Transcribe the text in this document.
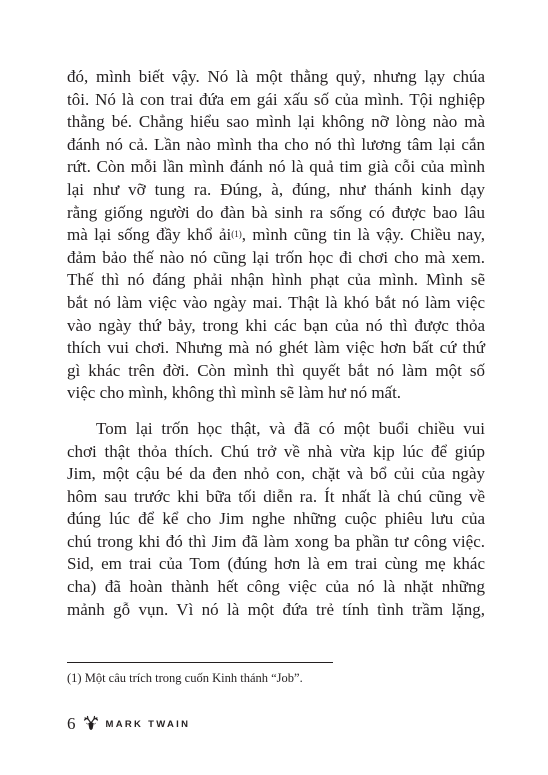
đó, mình biết vậy. Nó là một thằng quỷ, nhưng lạy chúa
tôi. Nó là con trai đứa em gái xấu số của mình. Tội nghiệp
thằng bé. Chẳng hiểu sao mình lại không nỡ lòng nào mà
đánh nó cả. Lần nào mình tha cho nó thì lương tâm lại cắn
rứt. Còn mỗi lần mình đánh nó là quả tim già cỗi của mình
lại như vỡ tung ra. Đúng, à, đúng, như thánh kinh dạy
rằng giống người do đàn bà sinh ra sống có được bao lâu
mà lại sống đầy khổ ải$^{(1)}$, mình cũng tin là vậy. Chiều nay,
đảm bảo thế nào nó cũng lại trốn học đi chơi cho mà xem.
Thế thì nó đáng phải nhận hình phạt của mình. Mình sẽ
bắt nó làm việc vào ngày mai. Thật là khó bắt nó làm việc
vào ngày thứ bảy, trong khi các bạn của nó thì được thỏa
thích vui chơi. Nhưng mà nó ghét làm việc hơn bất cứ thứ
gì khác trên đời. Còn mình thì quyết bắt nó làm một số
việc cho mình, không thì mình sẽ làm hư nó mất.

Tom lại trốn học thật, và đã có một buổi chiều vui
chơi thật thỏa thích. Chú trở về nhà vừa kịp lúc để giúp
Jim, một cậu bé da đen nhỏ con, chặt và bổ củi của ngày
hôm sau trước khi bữa tối diễn ra. Ít nhất là chú cũng về
đúng lúc để kể cho Jim nghe những cuộc phiêu lưu của
chú trong khi đó thì Jim đã làm xong ba phần tư công việc.
Sid, em trai của Tom (đúng hơn là em trai cùng mẹ khác
cha) đã hoàn thành hết công việc của nó là nhặt những
mảnh gỗ vụn. Vì nó là một đứa trẻ tính tình trầm lặng,

(1) Một câu trích trong cuốn Kinh thánh “Job”.
6	MARK TWAIN
